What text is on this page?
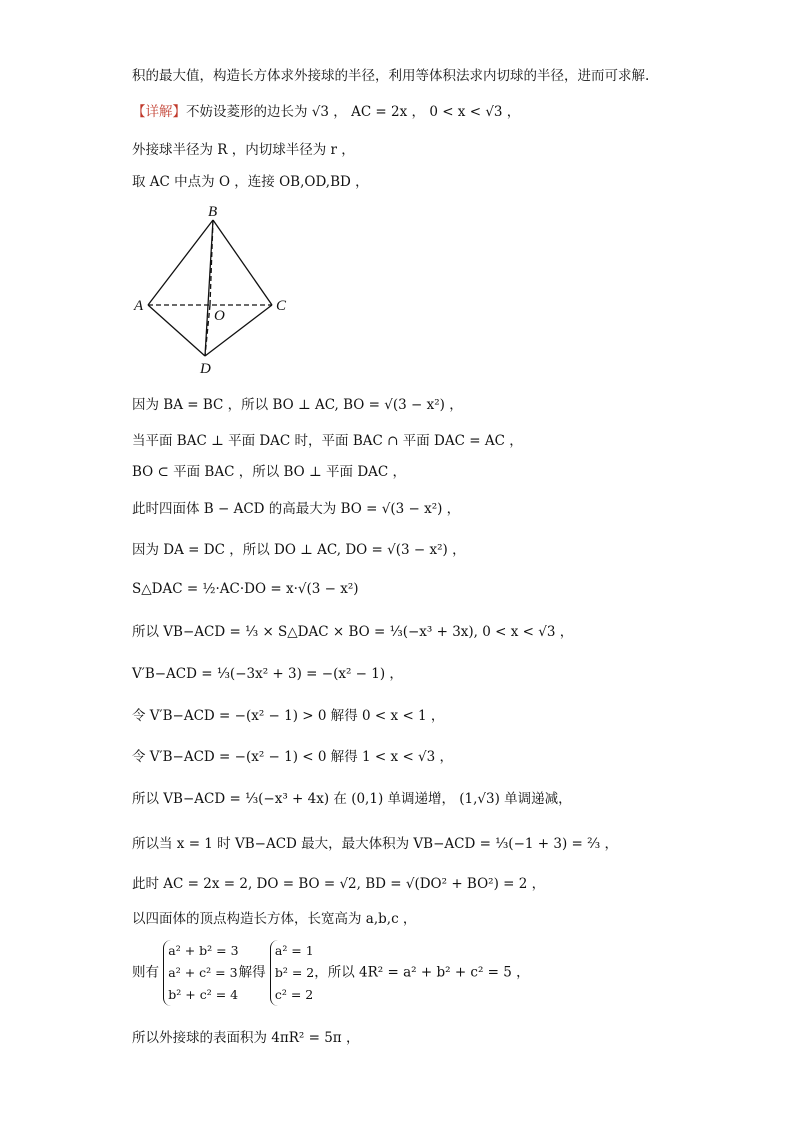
积的最大值，构造长方体求外接球的半径，利用等体积法求内切球的半径，进而可求解.
【详解】不妨设菱形的边长为 √3 ， AC = 2x ， 0 < x < √3 ，
外接球半径为 R ，内切球半径为 r ，
取 AC 中点为 O ，连接 OB,OD,BD ，
B
A	C
O
D
因为 BA = BC ，所以 BO ⊥ AC, BO = √(3 − x²) ，
当平面 BAC ⊥ 平面 DAC 时，平面 BAC ∩ 平面 DAC = AC ，
BO ⊂ 平面 BAC ，所以 BO ⊥ 平面 DAC ，
此时四面体 B − ACD 的高最大为 BO = √(3 − x²) ，
因为 DA = DC ，所以 DO ⊥ AC, DO = √(3 − x²) ，
S△DAC = ½·AC·DO = x·√(3 − x²)
所以 VB−ACD = ⅓ × S△DAC × BO = ⅓(−x³ + 3x), 0 < x < √3 ，
V′B−ACD = ⅓(−3x² + 3) = −(x² − 1) ，
令 V′B−ACD = −(x² − 1) > 0 解得 0 < x < 1 ，
令 V′B−ACD = −(x² − 1) < 0 解得 1 < x < √3 ，
所以 VB−ACD = ⅓(−x³ + 4x) 在 (0,1) 单调递增， (1,√3) 单调递减，
所以当 x = 1 时 VB−ACD 最大，最大体积为 VB−ACD = ⅓(−1 + 3) = ⅔ ，
此时 AC = 2x = 2, DO = BO = √2, BD = √(DO² + BO²) = 2 ，
以四面体的顶点构造长方体，长宽高为 a,b,c ，
则有
a² + b² = 3
a² + c² = 3
b² + c² = 4
解得
a² = 1
b² = 2
c² = 2
，所以 4R² = a² + b² + c² = 5 ，
所以外接球的表面积为 4πR² = 5π ，
